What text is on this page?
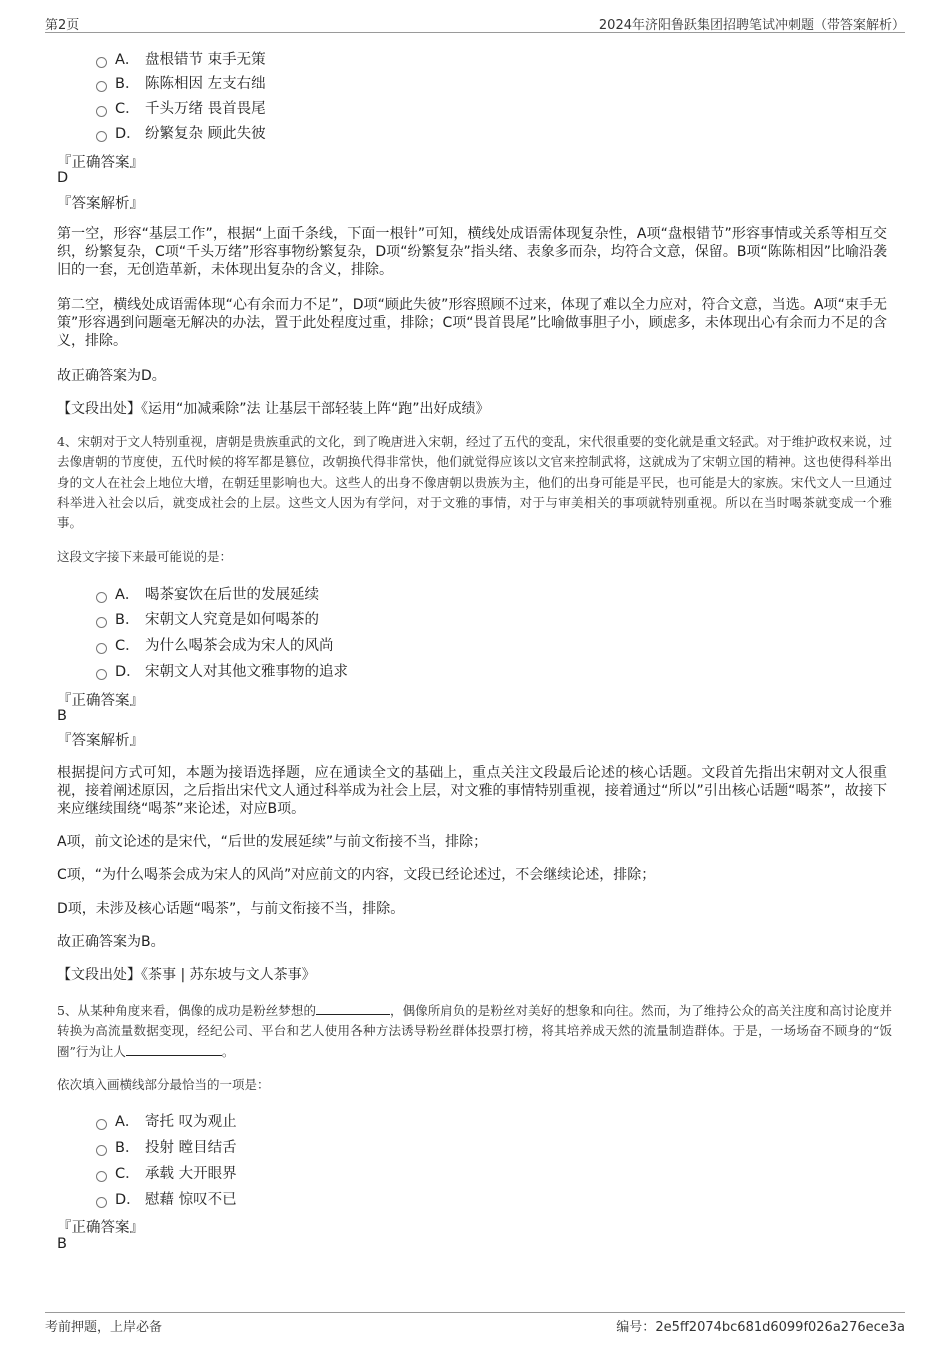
第2页	2024年济阳鲁跃集团招聘笔试冲刺题（带答案解析）
A． 盘根错节 束手无策
B． 陈陈相因 左支右绌
C． 千头万绪 畏首畏尾
D． 纷繁复杂 顾此失彼
『正确答案』
D
『答案解析』
第一空，形容“基层工作”，根据“上面千条线，下面一根针”可知，横线处成语需体现复杂性，A项“盘根错节”形容事情或关系等相互交织，纷繁复杂，C项“千头万绪”形容事物纷繁复杂，D项“纷繁复杂”指头绪、表象多而杂，均符合文意，保留。B项“陈陈相因”比喻沿袭旧的一套，无创造革新，未体现出复杂的含义，排除。
第二空，横线处成语需体现“心有余而力不足”，D项“顾此失彼”形容照顾不过来，体现了难以全力应对，符合文意，当选。A项“束手无策”形容遇到问题毫无解决的办法，置于此处程度过重，排除；C项“畏首畏尾”比喻做事胆子小，顾虑多，未体现出心有余而力不足的含义，排除。
故正确答案为D。
【文段出处】《运用“加减乘除”法 让基层干部轻装上阵“跑”出好成绩》
4、宋朝对于文人特别重视，唐朝是贵族重武的文化，到了晚唐进入宋朝，经过了五代的变乱，宋代很重要的变化就是重文轻武。对于维护政权来说，过去像唐朝的节度使，五代时候的将军都是篡位，改朝换代得非常快，他们就觉得应该以文官来控制武将，这就成为了宋朝立国的精神。这也使得科举出身的文人在社会上地位大增，在朝廷里影响也大。这些人的出身不像唐朝以贵族为主，他们的出身可能是平民，也可能是大的家族。宋代文人一旦通过科举进入社会以后，就变成社会的上层。这些文人因为有学问，对于文雅的事情，对于与审美相关的事项就特别重视。所以在当时喝茶就变成一个雅事。
这段文字接下来最可能说的是：
A． 喝茶宴饮在后世的发展延续
B． 宋朝文人究竟是如何喝茶的
C． 为什么喝茶会成为宋人的风尚
D． 宋朝文人对其他文雅事物的追求
『正确答案』
B
『答案解析』
根据提问方式可知，本题为接语选择题，应在通读全文的基础上，重点关注文段最后论述的核心话题。文段首先指出宋朝对文人很重视，接着阐述原因，之后指出宋代文人通过科举成为社会上层，对文雅的事情特别重视，接着通过“所以”引出核心话题“喝茶”，故接下来应继续围绕“喝茶”来论述，对应B项。
A项，前文论述的是宋代，“后世的发展延续”与前文衔接不当，排除；
C项，“为什么喝茶会成为宋人的风尚”对应前文的内容，文段已经论述过，不会继续论述，排除；
D项，未涉及核心话题“喝茶”，与前文衔接不当，排除。
故正确答案为B。
【文段出处】《茶事 | 苏东坡与文人茶事》
5、从某种角度来看，偶像的成功是粉丝梦想的	，偶像所肩负的是粉丝对美好的想象和向往。然而，为了维持公众的高关注度和高讨论度并转换为高流量数据变现，经纪公司、平台和艺人使用各种方法诱导粉丝群体投票打榜，将其培养成天然的流量制造群体。于是，一场场奋不顾身的“饭圈”行为让人	。
依次填入画横线部分最恰当的一项是：
A． 寄托 叹为观止
B． 投射 瞠目结舌
C． 承载 大开眼界
D． 慰藉 惊叹不已
『正确答案』
B
考前押题，上岸必备	编号：2e5ff2074bc681d6099f026a276ece3a
